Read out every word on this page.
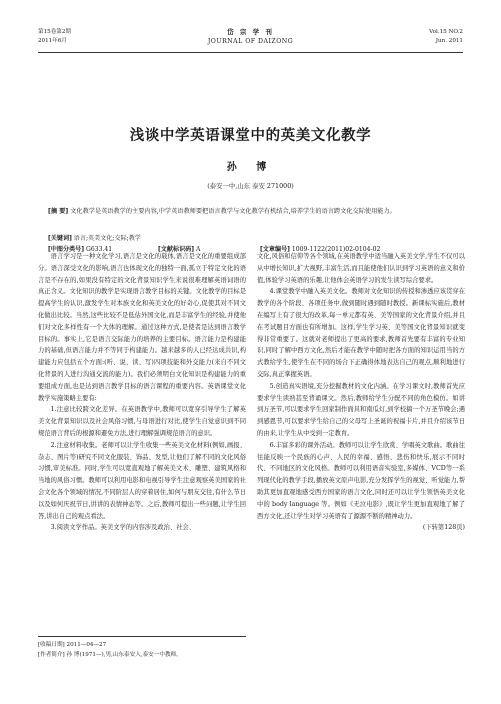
第15卷第2期
2011年6月
岱 宗 学 刊
JOURNAL OF DAIZONG
Vol.15 NO.2
Jun. 2011
浅谈中学英语课堂中的英美文化教学
孙 博
(泰安一中,山东 泰安 271000)
[摘 要] 文化教学是英语教学的主要内容,中学英语教师要把语言教学与文化教学有机结合,培养学生的语言跨文化交际使用能力。
[关键词] 语言;英美文化;交际;教学
[中图分类号] G633.41	[文献标识码] A	[文章编号] 1009-1122(2011)02-0104-02

语言学习是一种文化学习,语言是文化的载体,语言是文化的重要组成部分。语言深受文化的影响,语言也体现文化的独特一面,孤立于特定文化的语言是不存在的,如果没有特定的文化背景知识学生来说很难理解英语词语的真正含义。文化知识的教学是实现语言教学目标的关键。文化教学的目标是提高学生的认识,激发学生对本族文化和英美文化的好奇心,促使其对不同文化做出比较。当然,这些比较不是低估外国文化,而是丰富学生的经验,并使他们对文化多样性有一个大体的理解。通过这种方式,是使者是达到语言教学目标的。事实上,它是语言交际能力的培养的主要目标。语言能力是构建能力的基础,但语言能力并不等同于构建能力。越来越多的人已经达成共识,构建能力应包括五个方面:(听、说、读、写)四项技能和外交能力(来自不同文化背景的人进行沟通交流的能力)。我们必须明白文化知识是构建能力的重要组成方面,也是达到语言教学目标的语言课程的重要内容。英语课堂文化教学实施策略主要有:

1.注意比较跨文化差异。在英语教学中,教师可以宽穿引导学生了解英美文化背景知识以及社会风俗习惯,与母语进行对比,使学生自觉意识到不同规范语言背后的根源和避免方法,进行理解强调规范语言的意识。

2.注意材料收集。老师可以让学生收集一些英美文化材料(例如,画报、杂志、图片等)研究不同文化服装、饰品、发型,让他们了解不同的文化风俗习惯,审美标准。同时,学生可以宽直观地了解英美文术、雕塑、建筑风格和当地的风俗习惯。教师可以利用电影和电视引导学生注意观察英美国家的社会文化各个领域的情况,不同阶层人的穿着居住,如何与朋友交往,有什么节日以及如何庆祝节日,讲讲的表情神态等。之后,教师可提出一些问题,让学生回答,讲出自己的观点看法。

3.阅读文学作品。英美文学的内容涉及政治、社会、

文化,风俗和信仰等各个领域,在英语教学中适当融入英美文学,学生不仅可以从中增长知识,扩大视野,丰富生活,而且能使他们认识到学习英语的意义和价值,体验学习英语的乐趣,让他体会英语学习的发生读写综合要求。

4.课堂教学中融入英美文化。教师对文化知识的传授和渗透应该贯穿在教学的各个阶段、各项任务中,做到随时遇到随时教授。新课标实施后,教材在编写上有了很大的改革,每一单元都有英、美等国家的文化背景介绍,并且在考试题目方面也有所增加。这样,学生学习英、美等国文化背景知识就变得非常重要了。这就对老师提出了更高的要求,教师首先要有丰富的专业知识,同时了解中西方文化,然后才能在教学中随时把各方面的知识运用当的方式教给学生,使学生在不同的场合下正确得体地表达自己的观点,顺利地进行交际,真正掌握英语。

5.创造真实语境,充分挖掘教材的文化内涵。在学习课文时,教师首先应要求学生读熟甚至背诵课文。然后,教师给学生分配不同的角色模仿。如讲到万圣节,可以要求学生回家制作面具和南瓜灯,到学校搞一个万圣节晚会;遇到感恩节,可以要求学生给自己的父母写上圣诞的祝福卡片,并且介绍该节日的由来,让学生从中受到一定教育。

6.丰富多彩的课外活动。教师可以让学生欣赏、学唱英文歌曲。歌曲往往能反映一个民族的心声、人民的幸福、感悟、悲伤和快乐,展示不同时代、不同地区的文化风格。教师可以利用语音实验室,多媒体、VCD等一系列现代化的教学手段,播放英文原声电影,充分发挥学生的视觉、听觉能力,帮助其更加直观地感受西方国家的语言文化,同时还可以让学生领悟英美文化中的 body language 等。例如《无泣电影》,既让学生更加直观地了解了西方文化,还让学生对学习英语有了源源不断的精神动力。

(下转第128页)
[收稿日期] 2011—04—27
[作者简介] 孙 博(1971—),男,山东泰安人,泰安一中教师。
